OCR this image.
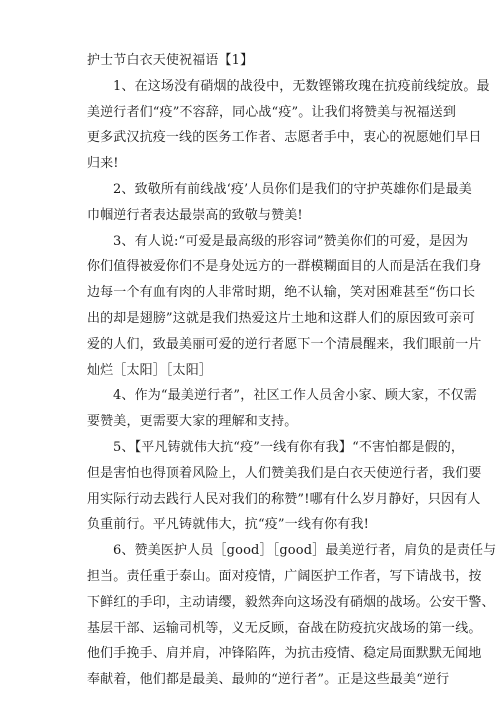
护士节白衣天使祝福语【1】
1、在这场没有硝烟的战役中，无数铿锵玫瑰在抗疫前线绽放。最
美逆行者们“疫”不容辞，同心战“疫”。让我们将赞美与祝福送到
更多武汉抗疫一线的医务工作者、志愿者手中，衷心的祝愿她们早日
归来!
2、致敬所有前线战‘疫’人员你们是我们的守护英雄你们是最美
巾帼逆行者表达最崇高的致敬与赞美!
3、有人说:“可爱是最高级的形容词”赞美你们的可爱，是因为
你们值得被爱你们不是身处远方的一群模糊面目的人而是活在我们身
边每一个有血有肉的人非常时期，绝不认输，笑对困难甚至“伤口长
出的却是翅膀”这就是我们热爱这片土地和这群人们的原因致可亲可
爱的人们，致最美丽可爱的逆行者愿下一个清晨醒来，我们眼前一片
灿烂［太阳］［太阳］
4、作为“最美逆行者”，社区工作人员舍小家、顾大家，不仅需
要赞美，更需要大家的理解和支持。
5、【平凡铸就伟大抗“疫”一线有你有我】“不害怕都是假的，
但是害怕也得顶着风险上，人们赞美我们是白衣天使逆行者，我们要
用实际行动去践行人民对我们的称赞”!哪有什么岁月静好，只因有人
负重前行。平凡铸就伟大，抗“疫”一线有你有我!
6、赞美医护人员［good］［good］最美逆行者，肩负的是责任与
担当。责任重于泰山。面对疫情，广阔医护工作者，写下请战书，按
下鲜红的手印，主动请缨，毅然奔向这场没有硝烟的战场。公安干警、
基层干部、运输司机等，义无反顾，奋战在防疫抗灾战场的第一线。
他们手挽手、肩并肩，冲锋陷阵，为抗击疫情、稳定局面默默无闻地
奉献着，他们都是最美、最帅的“逆行者”。正是这些最美“逆行
